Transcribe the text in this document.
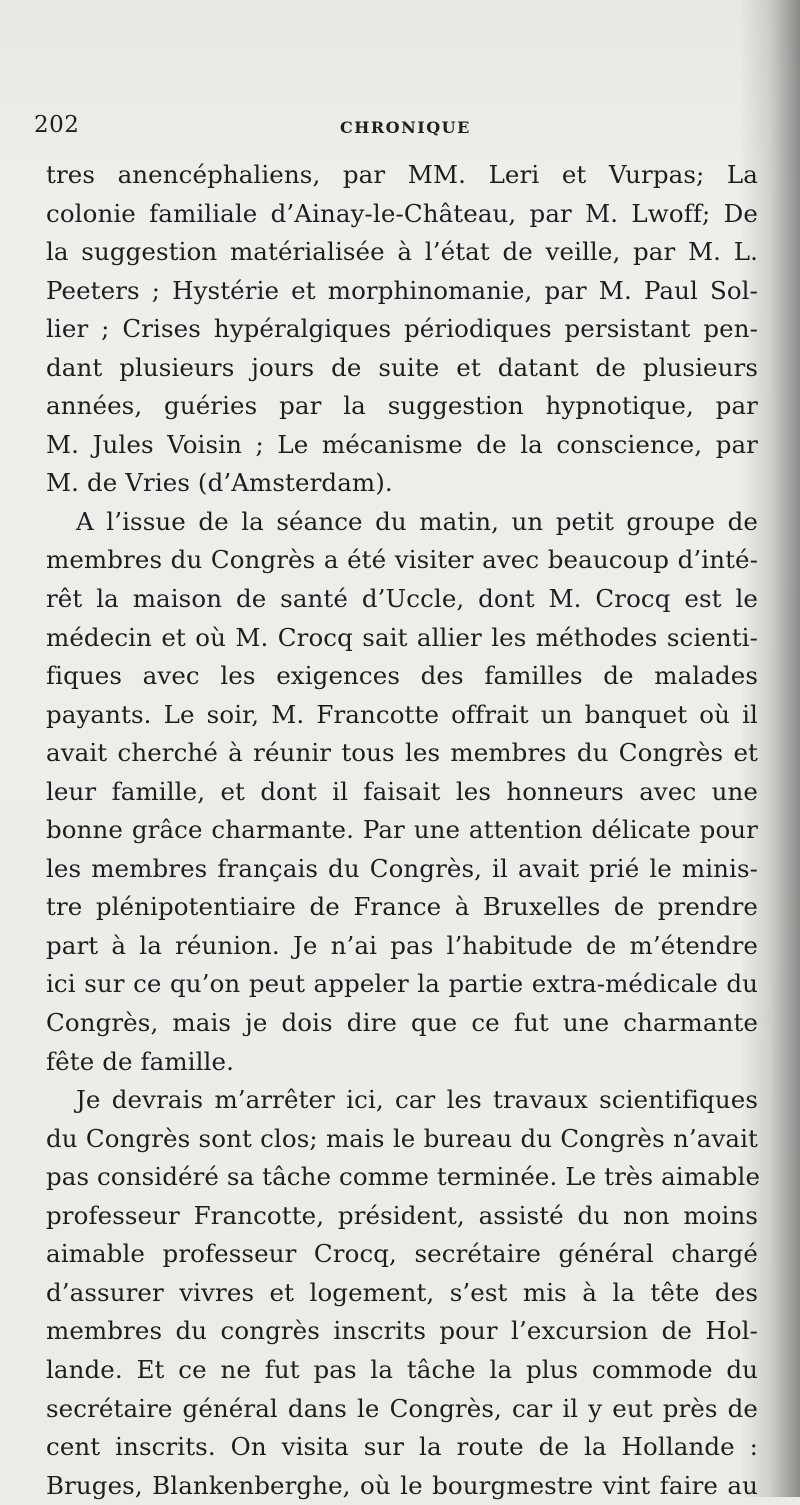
202	CHRONIQUE
tres anencéphaliens, par MM. Leri et Vurpas; La
colonie familiale d’Ainay-le-Château, par M. Lwoff; De
la suggestion matérialisée à l’état de veille, par M. L.
Peeters ; Hystérie et morphinomanie, par M. Paul Sol-
lier ; Crises hypéralgiques périodiques persistant pen-
dant plusieurs jours de suite et datant de plusieurs
années, guéries par la suggestion hypnotique, par
M. Jules Voisin ; Le mécanisme de la conscience, par
M. de Vries (d’Amsterdam).
A l’issue de la séance du matin, un petit groupe de
membres du Congrès a été visiter avec beaucoup d’inté-
rêt la maison de santé d’Uccle, dont M. Crocq est le
médecin et où M. Crocq sait allier les méthodes scienti-
fiques avec les exigences des familles de malades
payants. Le soir, M. Francotte offrait un banquet où il
avait cherché à réunir tous les membres du Congrès et
leur famille, et dont il faisait les honneurs avec une
bonne grâce charmante. Par une attention délicate pour
les membres français du Congrès, il avait prié le minis-
tre plénipotentiaire de France à Bruxelles de prendre
part à la réunion. Je n’ai pas l’habitude de m’étendre
ici sur ce qu’on peut appeler la partie extra-médicale du
Congrès, mais je dois dire que ce fut une charmante
fête de famille.
Je devrais m’arrêter ici, car les travaux scientifiques
du Congrès sont clos; mais le bureau du Congrès n’avait
pas considéré sa tâche comme terminée. Le très aimable
professeur Francotte, président, assisté du non moins
aimable professeur Crocq, secrétaire général chargé
d’assurer vivres et logement, s’est mis à la tête des
membres du congrès inscrits pour l’excursion de Hol-
lande. Et ce ne fut pas la tâche la plus commode du
secrétaire général dans le Congrès, car il y eut près de
cent inscrits. On visita sur la route de la Hollande :
Bruges, Blankenberghe, où le bourgmestre vint faire au
